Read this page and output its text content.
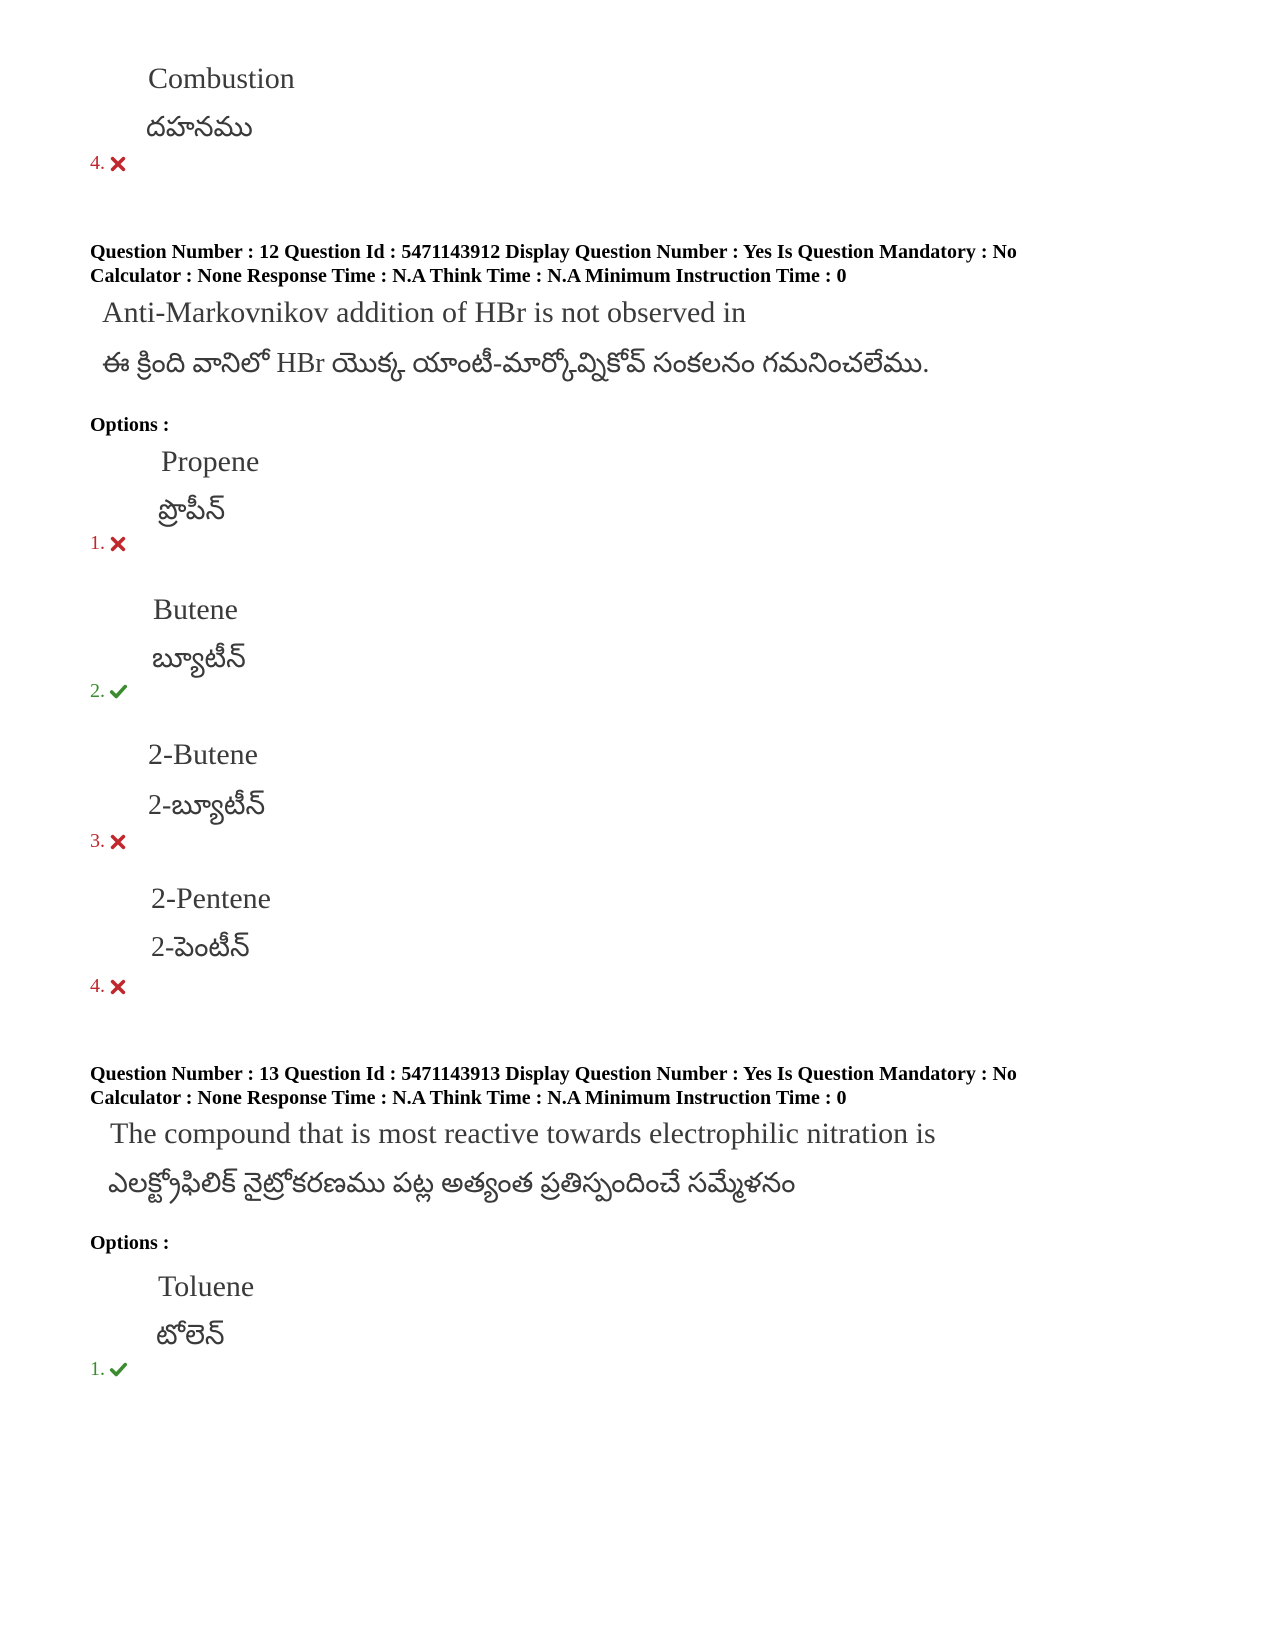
Combustion
దహనము
4.
Question Number : 12 Question Id : 5471143912 Display Question Number : Yes Is Question Mandatory : No
Calculator : None Response Time : N.A Think Time : N.A Minimum Instruction Time : 0
Anti-Markovnikov addition of HBr is not observed in
ఈ క్రింది వానిలో HBr యొక్క యాంటీ-మార్కోవ్నికోవ్ సంకలనం గమనించలేము.
Options :
Propene
ప్రొపీన్
1.
Butene
బ్యూటీన్
2.
2-Butene
2-బ్యూటీన్
3.
2-Pentene
2-పెంటీన్
4.
Question Number : 13 Question Id : 5471143913 Display Question Number : Yes Is Question Mandatory : No
Calculator : None Response Time : N.A Think Time : N.A Minimum Instruction Time : 0
The compound that is most reactive towards electrophilic nitration is
ఎలక్ట్రోఫిలిక్ నైట్రోకరణము పట్ల అత్యంత ప్రతిస్పందించే సమ్మేళనం
Options :
Toluene
టోలెన్
1.
